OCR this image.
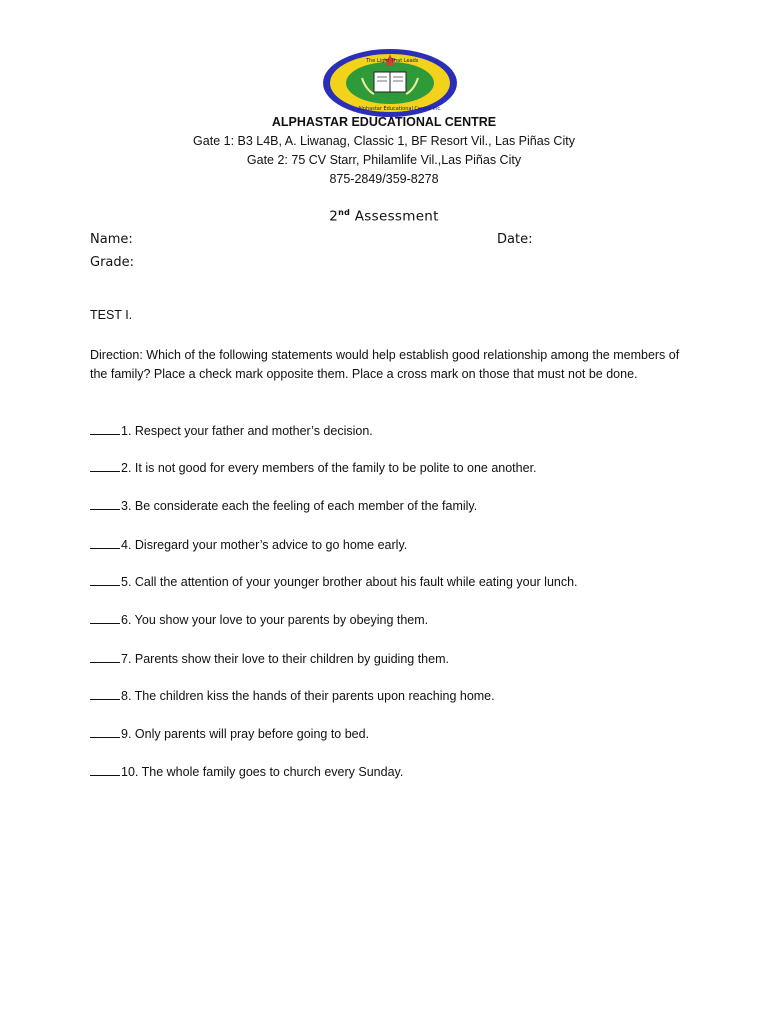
The Light That Leads
Alphastar Educational Centre Inc.
ALPHASTAR EDUCATIONAL CENTRE
Gate 1: B3 L4B, A. Liwanag, Classic 1, BF Resort Vil., Las Piñas City
Gate 2: 75 CV Starr, Philamlife Vil.,Las Piñas City
875-2849/359-8278
2nd Assessment
Name:	Date:
Grade:
TEST I.
Direction: Which of the following statements would help establish good relationship among the members of the family? Place a check mark opposite them. Place a cross mark on those that must not be done.
1. Respect your father and mother’s decision.
2. It is not good for every members of the family to be polite to one another.
3. Be considerate each the feeling of each member of the family.
4. Disregard your mother’s advice to go home early.
5. Call the attention of your younger brother about his fault while eating your lunch.
6. You show your love to your parents by obeying them.
7. Parents show their love to their children by guiding them.
8. The children kiss the hands of their parents upon reaching home.
9. Only parents will pray before going to bed.
10. The whole family goes to church every Sunday.
